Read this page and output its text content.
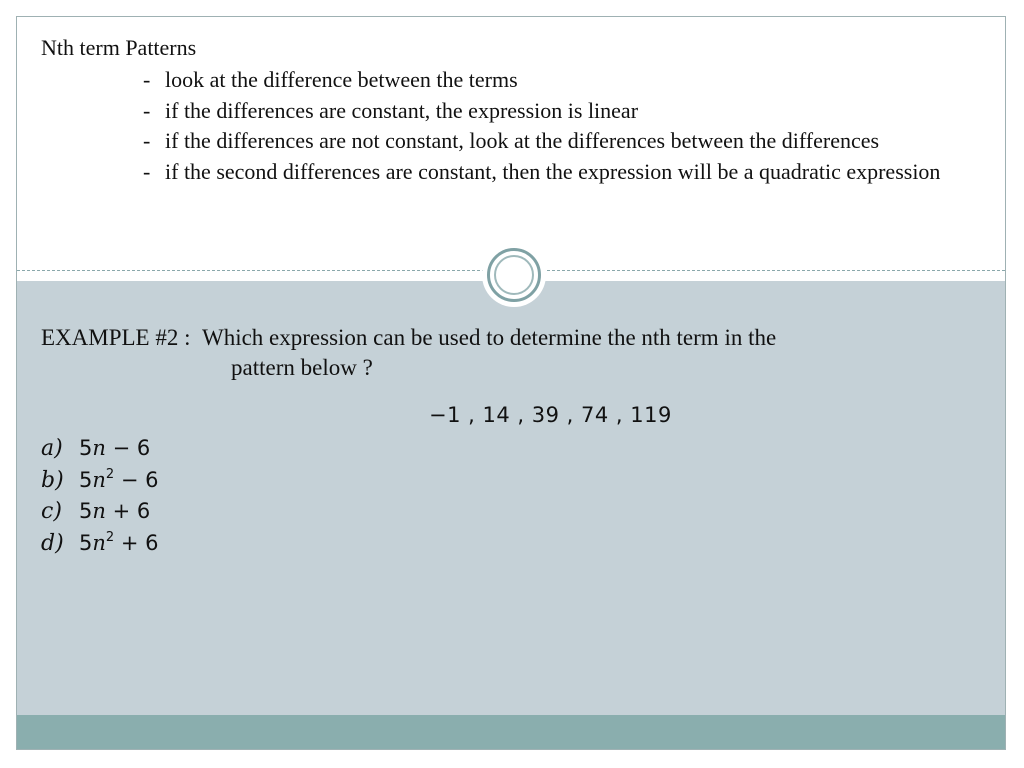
Nth term Patterns
- look at the difference between the terms
- if the differences are constant, the expression is linear
- if the differences are not constant, look at the differences between the differences
- if the second differences are constant, then the expression will be a quadratic expression
EXAMPLE #2 : Which expression can be used to determine the nth term in the
pattern below ?
−1 , 14 , 39 , 74 , 119
a) 5n − 6
b) $5n^2 - 6$
c) 5n + 6
d) $5n^2 + 6$
